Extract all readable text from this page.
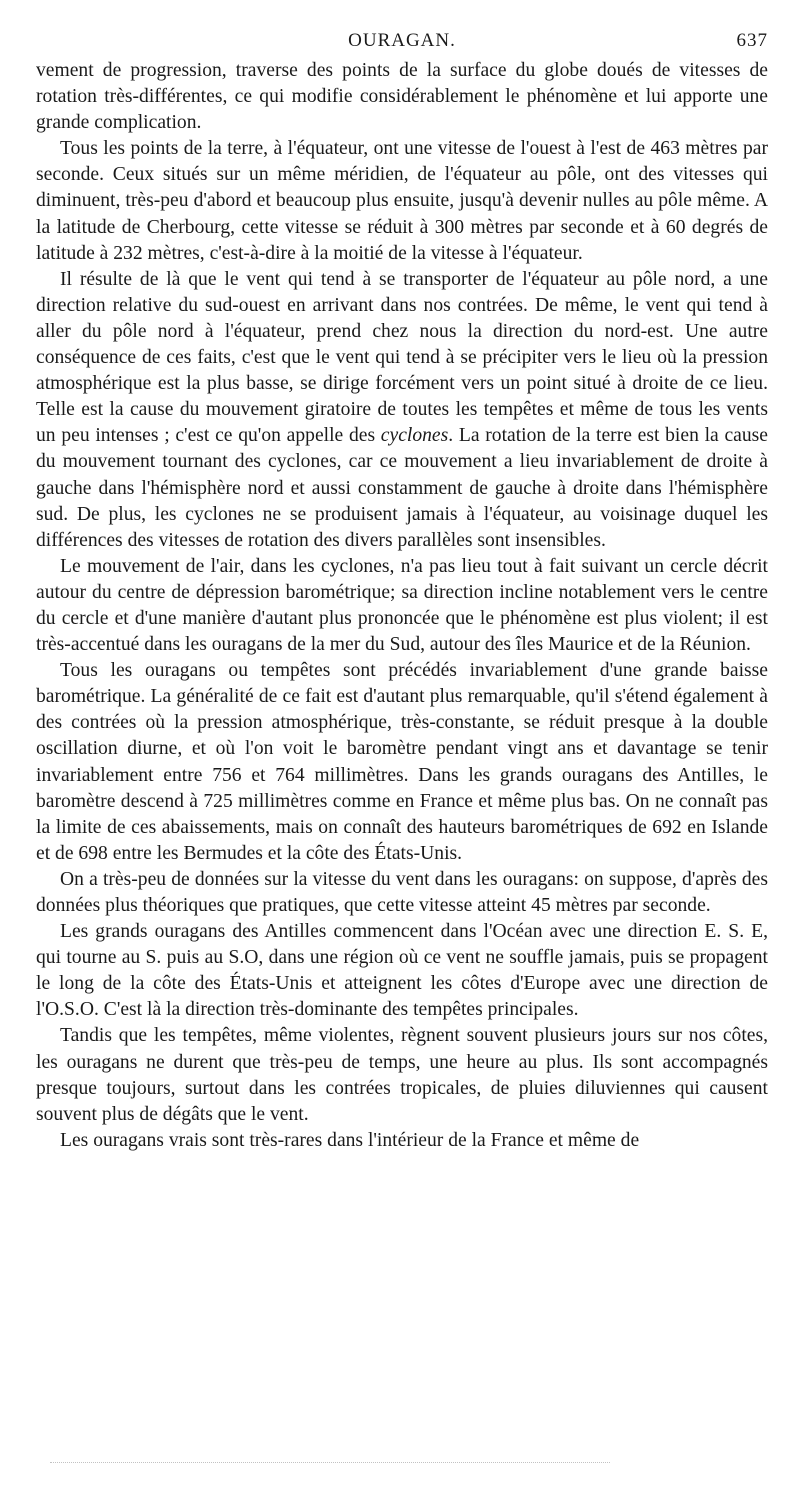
OURAGAN.	637

vement de progression, traverse des points de la surface du globe doués de vitesses de rotation très-différentes, ce qui modifie considérablement le phénomène et lui apporte une grande complication.

Tous les points de la terre, à l'équateur, ont une vitesse de l'ouest à l'est de 463 mètres par seconde. Ceux situés sur un même méridien, de l'équateur au pôle, ont des vitesses qui diminuent, très-peu d'abord et beaucoup plus ensuite, jusqu'à devenir nulles au pôle même. A la latitude de Cherbourg, cette vitesse se réduit à 300 mètres par seconde et à 60 degrés de latitude à 232 mètres, c'est-à-dire à la moitié de la vitesse à l'équateur.

Il résulte de là que le vent qui tend à se transporter de l'équateur au pôle nord, a une direction relative du sud-ouest en arrivant dans nos contrées. De même, le vent qui tend à aller du pôle nord à l'équateur, prend chez nous la direction du nord-est. Une autre conséquence de ces faits, c'est que le vent qui tend à se précipiter vers le lieu où la pression atmosphérique est la plus basse, se dirige forcément vers un point situé à droite de ce lieu. Telle est la cause du mouvement giratoire de toutes les tempêtes et même de tous les vents un peu intenses ; c'est ce qu'on appelle des cyclones. La rotation de la terre est bien la cause du mouvement tournant des cyclones, car ce mouvement a lieu invariablement de droite à gauche dans l'hémisphère nord et aussi constamment de gauche à droite dans l'hémisphère sud. De plus, les cyclones ne se produisent jamais à l'équateur, au voisinage duquel les différences des vitesses de rotation des divers parallèles sont insensibles.

Le mouvement de l'air, dans les cyclones, n'a pas lieu tout à fait suivant un cercle décrit autour du centre de dépression barométrique; sa direction incline notablement vers le centre du cercle et d'une manière d'autant plus prononcée que le phénomène est plus violent; il est très-accentué dans les ouragans de la mer du Sud, autour des îles Maurice et de la Réunion.

Tous les ouragans ou tempêtes sont précédés invariablement d'une grande baisse barométrique. La généralité de ce fait est d'autant plus remarquable, qu'il s'étend également à des contrées où la pression atmosphérique, très-constante, se réduit presque à la double oscillation diurne, et où l'on voit le baromètre pendant vingt ans et davantage se tenir invariablement entre 756 et 764 millimètres. Dans les grands ouragans des Antilles, le baromètre descend à 725 millimètres comme en France et même plus bas. On ne connaît pas la limite de ces abaissements, mais on connaît des hauteurs barométriques de 692 en Islande et de 698 entre les Bermudes et la côte des États-Unis.

On a très-peu de données sur la vitesse du vent dans les ouragans: on suppose, d'après des données plus théoriques que pratiques, que cette vitesse atteint 45 mètres par seconde.

Les grands ouragans des Antilles commencent dans l'Océan avec une direction E. S. E, qui tourne au S. puis au S.O, dans une région où ce vent ne souffle jamais, puis se propagent le long de la côte des États-Unis et atteignent les côtes d'Europe avec une direction de l'O.S.O. C'est là la direction très-dominante des tempêtes principales.

Tandis que les tempêtes, même violentes, règnent souvent plusieurs jours sur nos côtes, les ouragans ne durent que très-peu de temps, une heure au plus. Ils sont accompagnés presque toujours, surtout dans les contrées tropicales, de pluies diluviennes qui causent souvent plus de dégâts que le vent.

Les ouragans vrais sont très-rares dans l'intérieur de la France et même de
